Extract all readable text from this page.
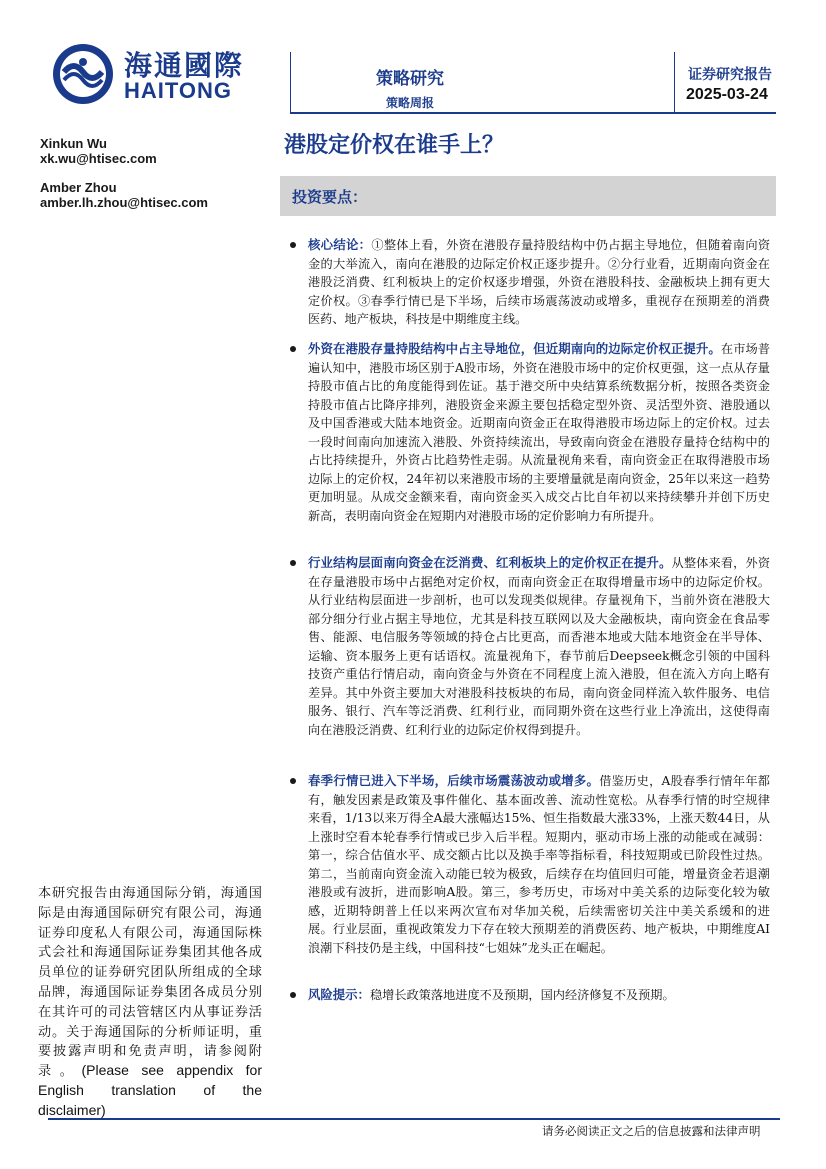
海通國際
HAITONG	策略研究
策略周报
证券研究报告
2025-03-24
Xinkun Wu
xk.wu@htisec.com
Amber Zhou
amber.lh.zhou@htisec.com
港股定价权在谁手上？
投资要点：

核心结论：①整体上看，外资在港股存量持股结构中仍占据主导地位，但随着南向资金的大举流入，南向在港股的边际定价权正逐步提升。②分行业看，近期南向资金在港股泛消费、红利板块上的定价权逐步增强，外资在港股科技、金融板块上拥有更大定价权。③春季行情已是下半场，后续市场震荡波动或增多，重视存在预期差的消费医药、地产板块，科技是中期维度主线。

外资在港股存量持股结构中占主导地位，但近期南向的边际定价权正提升。在市场普遍认知中，港股市场区别于A股市场，外资在港股市场中的定价权更强，这一点从存量持股市值占比的角度能得到佐证。基于港交所中央结算系统数据分析，按照各类资金持股市值占比降序排列，港股资金来源主要包括稳定型外资、灵活型外资、港股通以及中国香港或大陆本地资金。近期南向资金正在取得港股市场边际上的定价权。过去一段时间南向加速流入港股、外资持续流出，导致南向资金在港股存量持仓结构中的占比持续提升，外资占比趋势性走弱。从流量视角来看，南向资金正在取得港股市场边际上的定价权，24年初以来港股市场的主要增量就是南向资金，25年以来这一趋势更加明显。从成交金额来看，南向资金买入成交占比自年初以来持续攀升并创下历史新高，表明南向资金在短期内对港股市场的定价影响力有所提升。

行业结构层面南向资金在泛消费、红利板块上的定价权正在提升。从整体来看，外资在存量港股市场中占据绝对定价权，而南向资金正在取得增量市场中的边际定价权。从行业结构层面进一步剖析，也可以发现类似规律。存量视角下，当前外资在港股大部分细分行业占据主导地位，尤其是科技互联网以及大金融板块，南向资金在食品零售、能源、电信服务等领域的持仓占比更高，而香港本地或大陆本地资金在半导体、运输、资本服务上更有话语权。流量视角下，春节前后Deepseek概念引领的中国科技资产重估行情启动，南向资金与外资在不同程度上流入港股，但在流入方向上略有差异。其中外资主要加大对港股科技板块的布局，南向资金同样流入软件服务、电信服务、银行、汽车等泛消费、红利行业，而同期外资在这些行业上净流出，这使得南向在港股泛消费、红利行业的边际定价权得到提升。

春季行情已进入下半场，后续市场震荡波动或增多。借鉴历史，A股春季行情年年都有，触发因素是政策及事件催化、基本面改善、流动性宽松。从春季行情的时空规律来看，1/13以来万得全A最大涨幅达15%、恒生指数最大涨33%，上涨天数44日，从上涨时空看本轮春季行情或已步入后半程。短期内，驱动市场上涨的动能或在减弱：第一，综合估值水平、成交额占比以及换手率等指标看，科技短期或已阶段性过热。第二，当前南向资金流入动能已较为极致，后续存在均值回归可能，增量资金若退潮港股或有波折，进而影响A股。第三，参考历史，市场对中美关系的边际变化较为敏感，近期特朗普上任以来两次宣布对华加关税，后续需密切关注中美关系缓和的进展。行业层面，重视政策发力下存在较大预期差的消费医药、地产板块，中期维度AI浪潮下科技仍是主线，中国科技“七姐妹”龙头正在崛起。

风险提示：稳增长政策落地进度不及预期，国内经济修复不及预期。

本研究报告由海通国际分销，海通国际是由海通国际研究有限公司，海通证券印度私人有限公司，海通国际株式会社和海通国际证券集团其他各成员单位的证券研究团队所组成的全球品牌，海通国际证券集团各成员分别在其许可的司法管辖区内从事证券活动。关于海通国际的分析师证明，重要披露声明和免责声明，请参阅附录。(Please see appendix for English translation of the disclaimer)
请务必阅读正文之后的信息披露和法律声明
